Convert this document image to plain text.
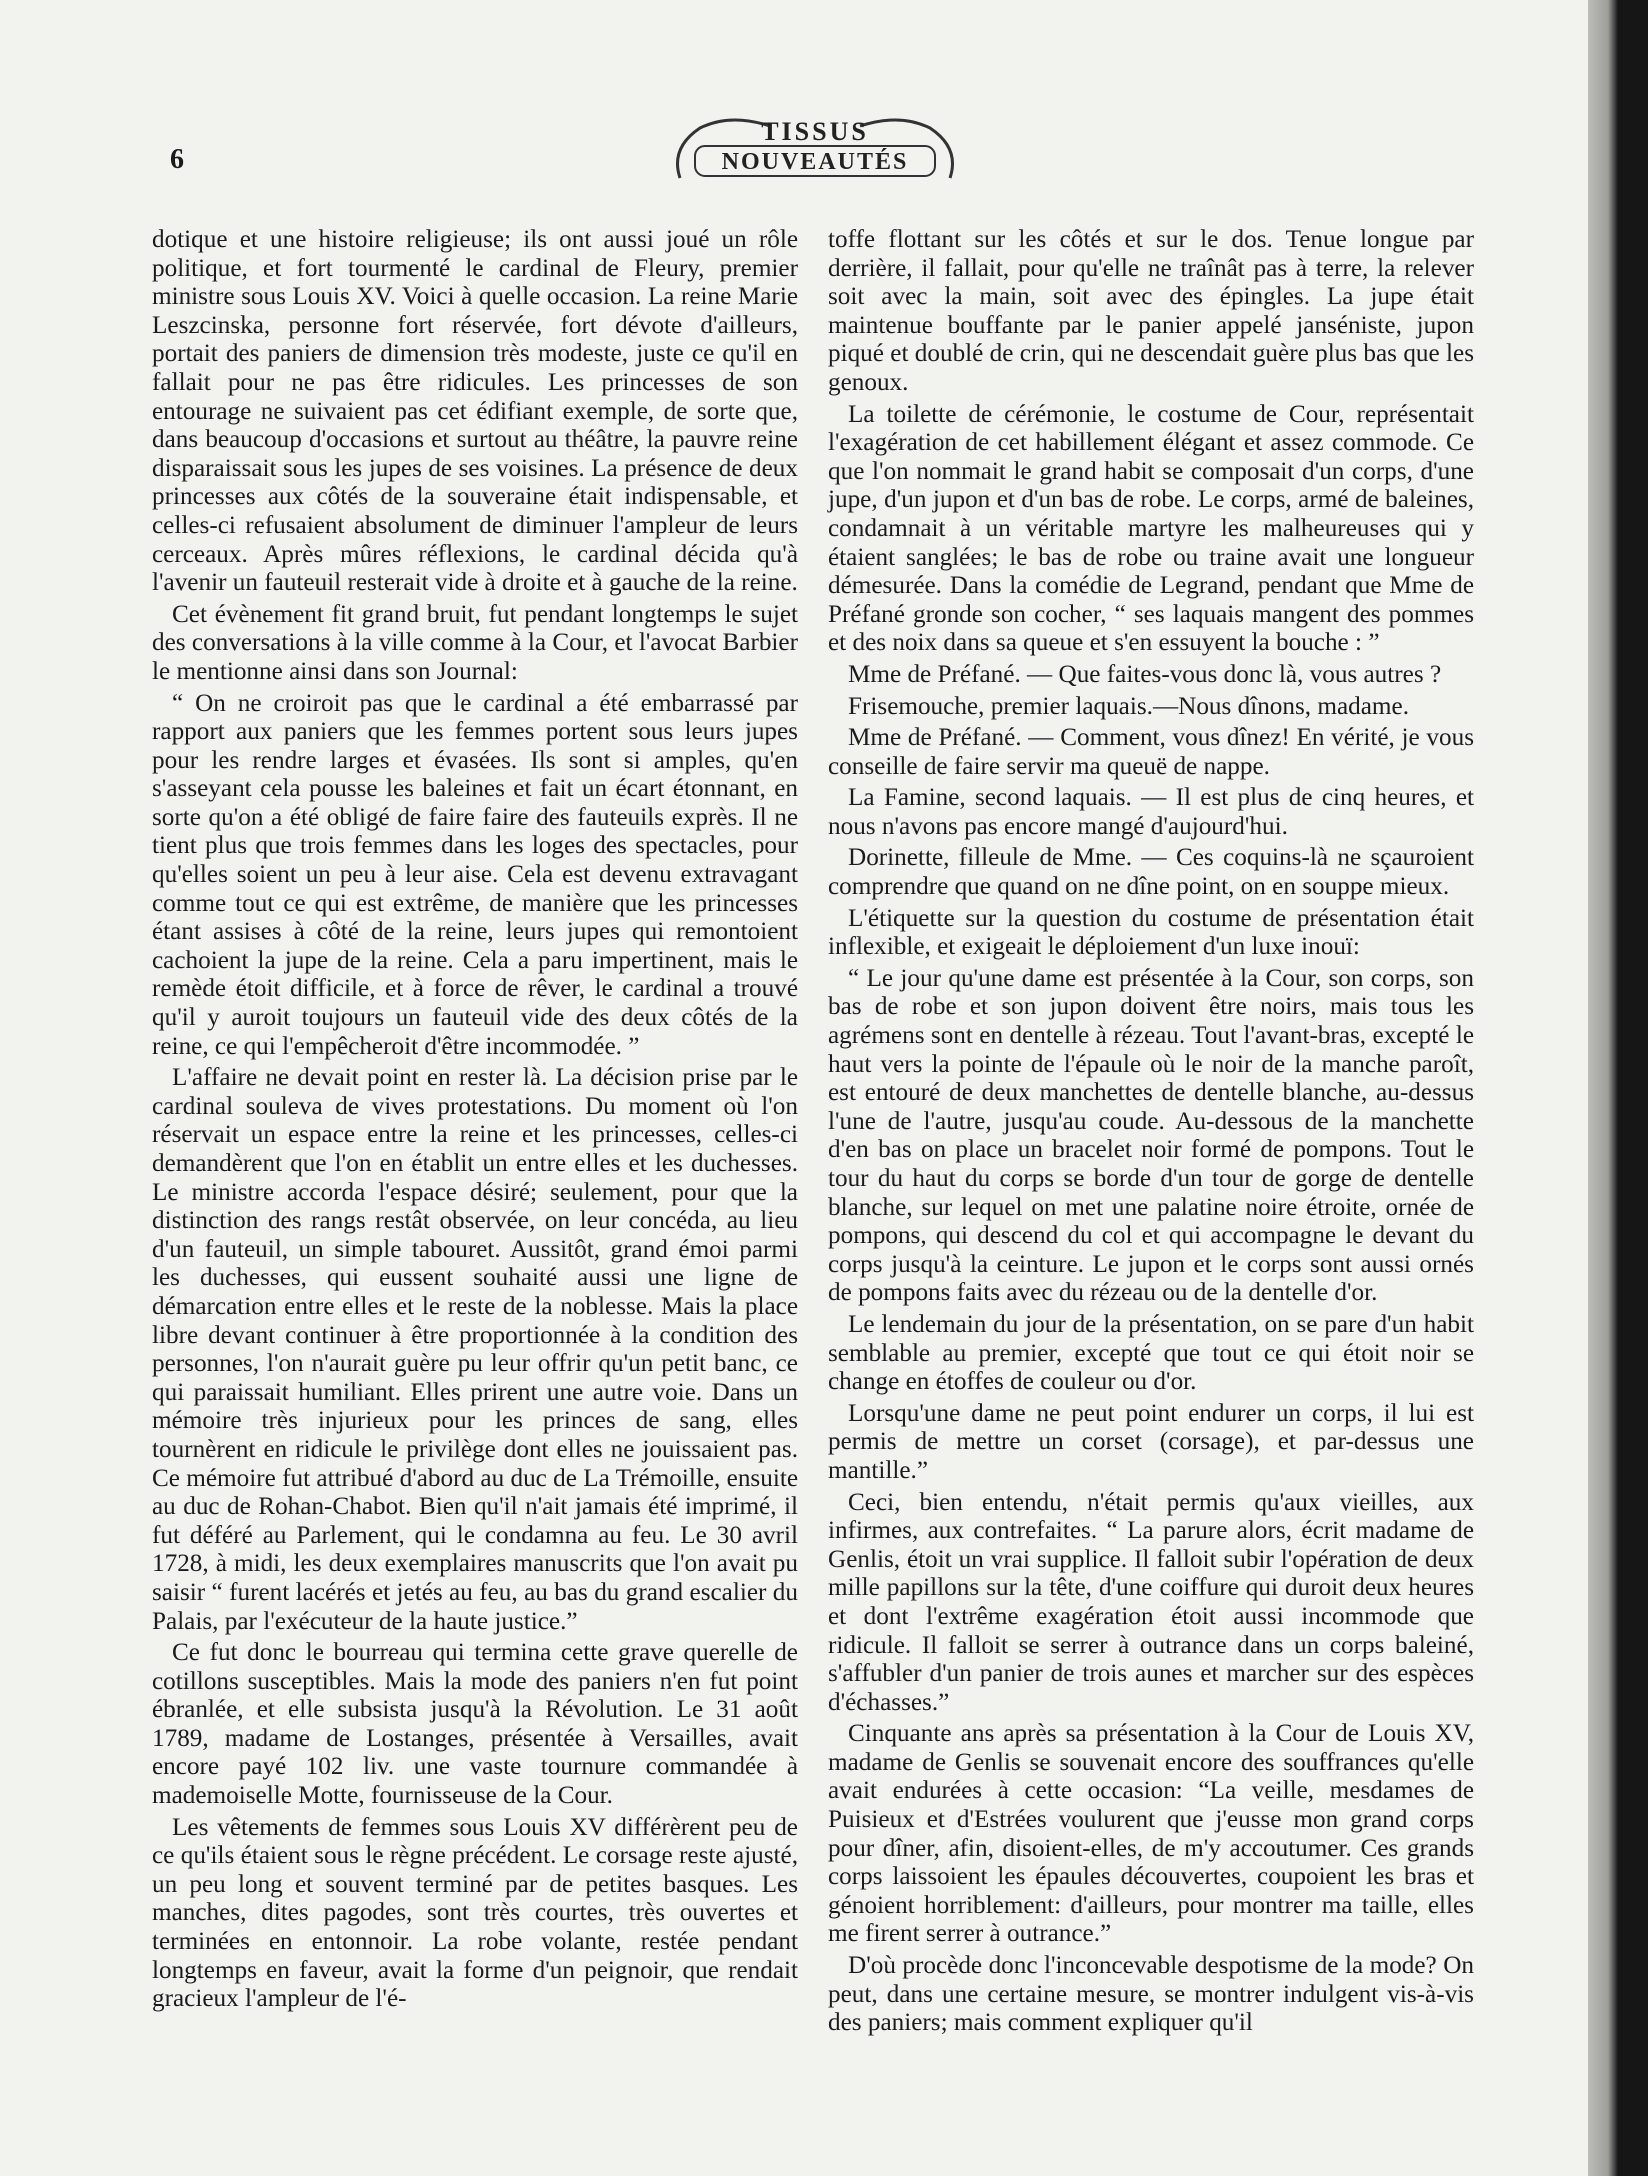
6
TISSUS
NOUVEAUTÉS

dotique et une histoire religieuse; ils ont aussi joué un rôle politique, et fort tourmenté le cardinal de Fleury, premier ministre sous Louis XV. Voici à quelle occasion. La reine Marie Leszcinska, personne fort réservée, fort dévote d'ailleurs, portait des paniers de dimension très modeste, juste ce qu'il en fallait pour ne pas être ridicules. Les princesses de son entourage ne suivaient pas cet édifiant exemple, de sorte que, dans beaucoup d'occasions et surtout au théâtre, la pauvre reine disparaissait sous les jupes de ses voisines. La présence de deux princesses aux côtés de la souveraine était indispensable, et celles-ci refusaient absolument de diminuer l'ampleur de leurs cerceaux. Après mûres réflexions, le cardinal décida qu'à l'avenir un fauteuil resterait vide à droite et à gauche de la reine.

Cet évènement fit grand bruit, fut pendant longtemps le sujet des conversations à la ville comme à la Cour, et l'avocat Barbier le mentionne ainsi dans son Journal:

“ On ne croiroit pas que le cardinal a été embarrassé par rapport aux paniers que les femmes portent sous leurs jupes pour les rendre larges et évasées. Ils sont si amples, qu'en s'asseyant cela pousse les baleines et fait un écart étonnant, en sorte qu'on a été obligé de faire faire des fauteuils exprès. Il ne tient plus que trois femmes dans les loges des spectacles, pour qu'elles soient un peu à leur aise. Cela est devenu extravagant comme tout ce qui est extrême, de manière que les princesses étant assises à côté de la reine, leurs jupes qui remontoient cachoient la jupe de la reine. Cela a paru impertinent, mais le remède étoit difficile, et à force de rêver, le cardinal a trouvé qu'il y auroit toujours un fauteuil vide des deux côtés de la reine, ce qui l'empêcheroit d'être incommodée. ”

L'affaire ne devait point en rester là. La décision prise par le cardinal souleva de vives protestations. Du moment où l'on réservait un espace entre la reine et les princesses, celles-ci demandèrent que l'on en établit un entre elles et les duchesses. Le ministre accorda l'espace désiré; seulement, pour que la distinction des rangs restât observée, on leur concéda, au lieu d'un fauteuil, un simple tabouret. Aussitôt, grand émoi parmi les duchesses, qui eussent souhaité aussi une ligne de démarcation entre elles et le reste de la noblesse. Mais la place libre devant continuer à être proportionnée à la condition des personnes, l'on n'aurait guère pu leur offrir qu'un petit banc, ce qui paraissait humiliant. Elles prirent une autre voie. Dans un mémoire très injurieux pour les princes de sang, elles tournèrent en ridicule le privilège dont elles ne jouissaient pas. Ce mémoire fut attribué d'abord au duc de La Trémoille, ensuite au duc de Rohan-Chabot. Bien qu'il n'ait jamais été imprimé, il fut déféré au Parlement, qui le condamna au feu. Le 30 avril 1728, à midi, les deux exemplaires manuscrits que l'on avait pu saisir “ furent lacérés et jetés au feu, au bas du grand escalier du Palais, par l'exécuteur de la haute justice.”

Ce fut donc le bourreau qui termina cette grave querelle de cotillons susceptibles. Mais la mode des paniers n'en fut point ébranlée, et elle subsista jusqu'à la Révolution. Le 31 août 1789, madame de Lostanges, présentée à Versailles, avait encore payé 102 liv. une vaste tournure commandée à mademoiselle Motte, fournisseuse de la Cour.

Les vêtements de femmes sous Louis XV différèrent peu de ce qu'ils étaient sous le règne précédent. Le corsage reste ajusté, un peu long et souvent terminé par de petites basques. Les manches, dites pagodes, sont très courtes, très ouvertes et terminées en entonnoir. La robe volante, restée pendant longtemps en faveur, avait la forme d'un peignoir, que rendait gracieux l'ampleur de l'é-

toffe flottant sur les côtés et sur le dos. Tenue longue par derrière, il fallait, pour qu'elle ne traînât pas à terre, la relever soit avec la main, soit avec des épingles. La jupe était maintenue bouffante par le panier appelé janséniste, jupon piqué et doublé de crin, qui ne descendait guère plus bas que les genoux.

La toilette de cérémonie, le costume de Cour, représentait l'exagération de cet habillement élégant et assez commode. Ce que l'on nommait le grand habit se composait d'un corps, d'une jupe, d'un jupon et d'un bas de robe. Le corps, armé de baleines, condamnait à un véritable martyre les malheureuses qui y étaient sanglées; le bas de robe ou traine avait une longueur démesurée. Dans la comédie de Legrand, pendant que Mme de Préfané gronde son cocher, “ ses laquais mangent des pommes et des noix dans sa queue et s'en essuyent la bouche : ”

Mme de Préfané. — Que faites-vous donc là, vous autres ?

Frisemouche, premier laquais.—Nous dînons, madame.

Mme de Préfané. — Comment, vous dînez! En vérité, je vous conseille de faire servir ma queuë de nappe.

La Famine, second laquais. — Il est plus de cinq heures, et nous n'avons pas encore mangé d'aujourd'hui.

Dorinette, filleule de Mme. — Ces coquins-là ne sçauroient comprendre que quand on ne dîne point, on en souppe mieux.

L'étiquette sur la question du costume de présentation était inflexible, et exigeait le déploiement d'un luxe inouï:

“ Le jour qu'une dame est présentée à la Cour, son corps, son bas de robe et son jupon doivent être noirs, mais tous les agrémens sont en dentelle à rézeau. Tout l'avant-bras, excepté le haut vers la pointe de l'épaule où le noir de la manche paroît, est entouré de deux manchettes de dentelle blanche, au-dessus l'une de l'autre, jusqu'au coude. Au-dessous de la manchette d'en bas on place un bracelet noir formé de pompons. Tout le tour du haut du corps se borde d'un tour de gorge de dentelle blanche, sur lequel on met une palatine noire étroite, ornée de pompons, qui descend du col et qui accompagne le devant du corps jusqu'à la ceinture. Le jupon et le corps sont aussi ornés de pompons faits avec du rézeau ou de la dentelle d'or.

Le lendemain du jour de la présentation, on se pare d'un habit semblable au premier, excepté que tout ce qui étoit noir se change en étoffes de couleur ou d'or.

Lorsqu'une dame ne peut point endurer un corps, il lui est permis de mettre un corset (corsage), et par-dessus une mantille.”

Ceci, bien entendu, n'était permis qu'aux vieilles, aux infirmes, aux contrefaites. “ La parure alors, écrit madame de Genlis, étoit un vrai supplice. Il falloit subir l'opération de deux mille papillons sur la tête, d'une coiffure qui duroit deux heures et dont l'extrême exagération étoit aussi incommode que ridicule. Il falloit se serrer à outrance dans un corps baleiné, s'affubler d'un panier de trois aunes et marcher sur des espèces d'échasses.”

Cinquante ans après sa présentation à la Cour de Louis XV, madame de Genlis se souvenait encore des souffrances qu'elle avait endurées à cette occasion: “La veille, mesdames de Puisieux et d'Estrées voulurent que j'eusse mon grand corps pour dîner, afin, disoient-elles, de m'y accoutumer. Ces grands corps laissoient les épaules découvertes, coupoient les bras et génoient horriblement: d'ailleurs, pour montrer ma taille, elles me firent serrer à outrance.”

D'où procède donc l'inconcevable despotisme de la mode? On peut, dans une certaine mesure, se montrer indulgent vis-à-vis des paniers; mais comment expliquer qu'il
